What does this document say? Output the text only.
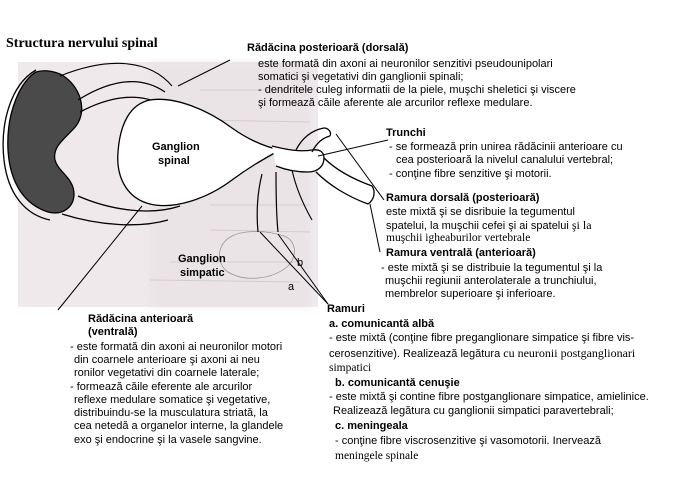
Structura nervului spinal
Ganglion
spinal
Ganglion
simpatic
b
a
Rădăcina posterioară (dorsală)
este formată din axoni ai neuronilor senzitivi pseudounipolari
somatici şi vegetativi din ganglionii spinali;
- dendritele culeg informatii de la piele, muşchi sheletici şi viscere
şi formează căile aferente ale arcurilor reflexe medulare.
Trunchi
- se formează prin unirea rădăcinii anterioare cu
cea posterioară la nivelul canalului vertebral;
- conţine fibre senzitive şi motorii.
Ramura dorsală (posterioară)
este mixtă şi se disribuie la tegumentul
spatelui, la muşchii cefei şi ai spatelui şi la
muşchii igheaburilor vertebrale
Ramura ventrală (anterioară)
- este mixtă şi se distribuie la tegumentul şi la
muşchii regiunii anterolaterale a trunchiului,
membrelor superioare şi inferioare.
Rădăcina anterioară
(ventrală)
- este formată din axoni ai neuronilor motori
din coarnele anterioare şi axoni ai neu
ronilor vegetativi din coarnele laterale;
- formează căile eferente ale arcurilor
reflexe medulare somatice şi vegetative,
distribuindu-se la musculatura striată, la
cea netedă a organelor interne, la glandele
exo şi endocrine şi la vasele sangvine.
Ramuri
a. comunicantă albă
- este mixtă (conţine fibre preganglionare simpatice şi fibre vis-
cerosenzitive). Realizează legătura cu neuronii postganglionari
simpatici
b. comunicantă cenuşie
- este mixtă şi contine fibre postganglionare simpatice, amielinice.
Realizează legătura cu ganglionii simpatici paravertebrali;
c. meningeala
- conţine fibre viscrosenzitive şi vasomotorii. Inervează
meningele spinale
